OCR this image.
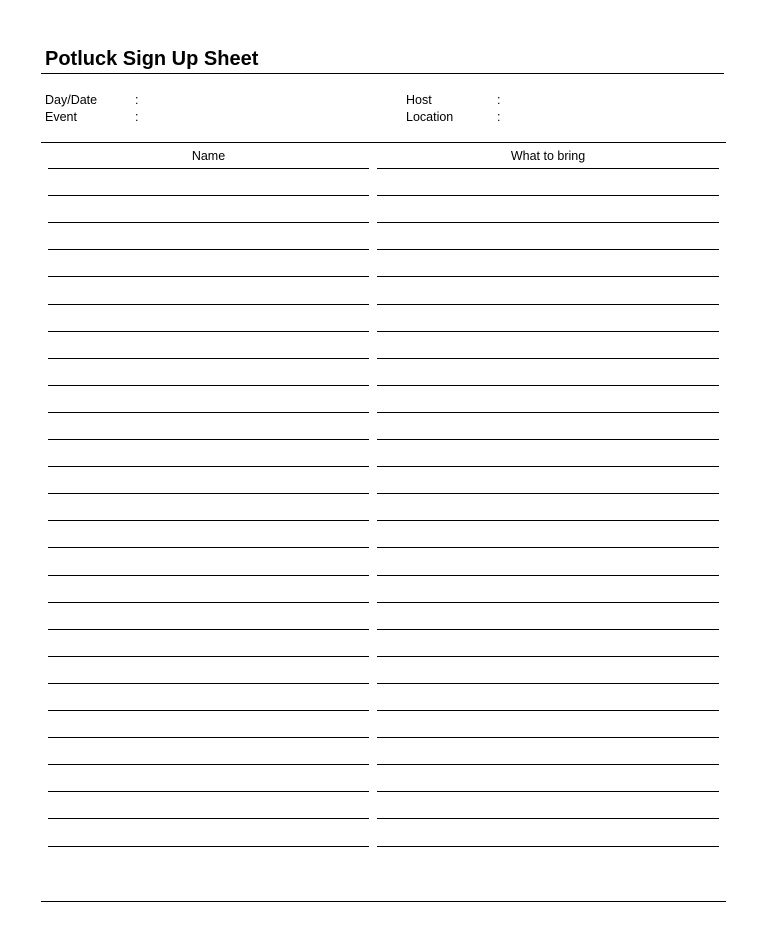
Potluck Sign Up Sheet
Day/Date	:
Event	:
Host	:
Location	:
Name	What to bring
